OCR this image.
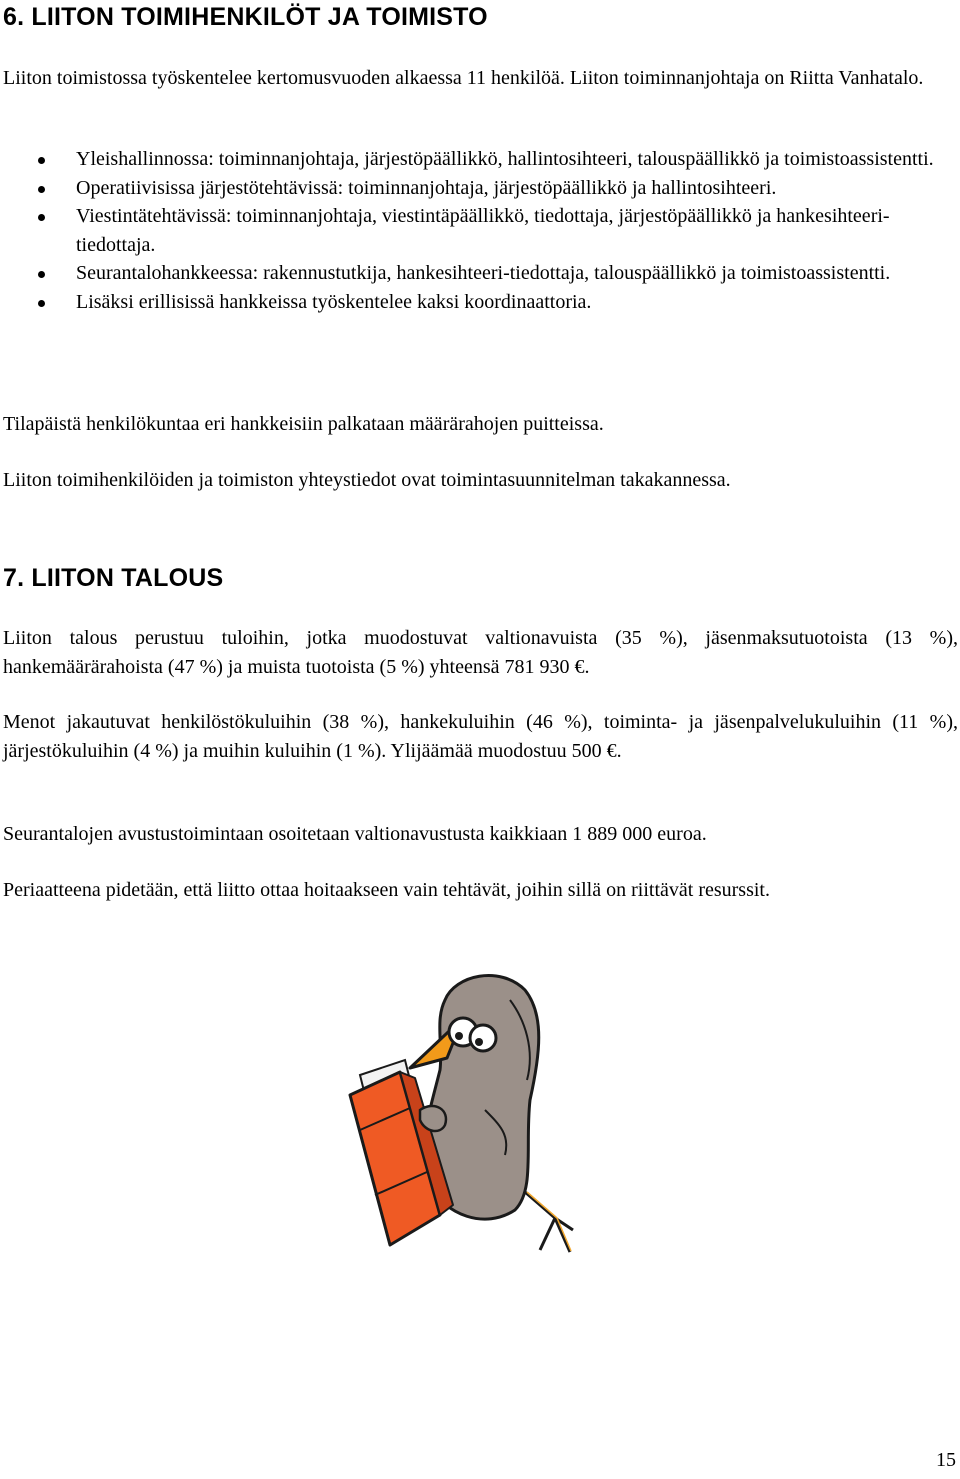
6. LIITON TOIMIHENKILÖT JA TOIMISTO

Liiton toimistossa työskentelee kertomusvuoden alkaessa 11 henkilöä. Liiton toiminnanjohtaja on Riitta Vanhatalo.

Yleishallinnossa: toiminnanjohtaja, järjestöpäällikkö, hallintosihteeri, talouspäällikkö ja toimistoassistentti.
Operatiivisissa järjestötehtävissä: toiminnanjohtaja, järjestöpäällikkö ja hallintosihteeri.
Viestintätehtävissä: toiminnanjohtaja, viestintäpäällikkö, tiedottaja, järjestöpäällikkö ja hankesihteeri-tiedottaja.
Seurantalohankkeessa: rakennustutkija, hankesihteeri-tiedottaja, talouspäällikkö ja toimistoassistentti.
Lisäksi erillisissä hankkeissa työskentelee kaksi koordinaattoria.

Tilapäistä henkilökuntaa eri hankkeisiin palkataan määrärahojen puitteissa.

Liiton toimihenkilöiden ja toimiston yhteystiedot ovat toimintasuunnitelman takakannessa.

7. LIITON TALOUS

Liiton talous perustuu tuloihin, jotka muodostuvat valtionavuista (35 %), jäsenmaksutuotoista (13 %), hankemäärärahoista (47 %) ja muista tuotoista (5 %) yhteensä 781 930 €.

Menot jakautuvat henkilöstökuluihin (38 %), hankekuluihin (46 %), toiminta- ja jäsenpalvelukuluihin (11 %), järjestökuluihin (4 %) ja muihin kuluihin (1 %). Ylijäämää muodostuu 500 €.

Seurantalojen avustustoimintaan osoitetaan valtionavustusta kaikkiaan 1 889 000 euroa.

Periaatteena pidetään, että liitto ottaa hoitaakseen vain tehtävät, joihin sillä on riittävät resurssit.

15
